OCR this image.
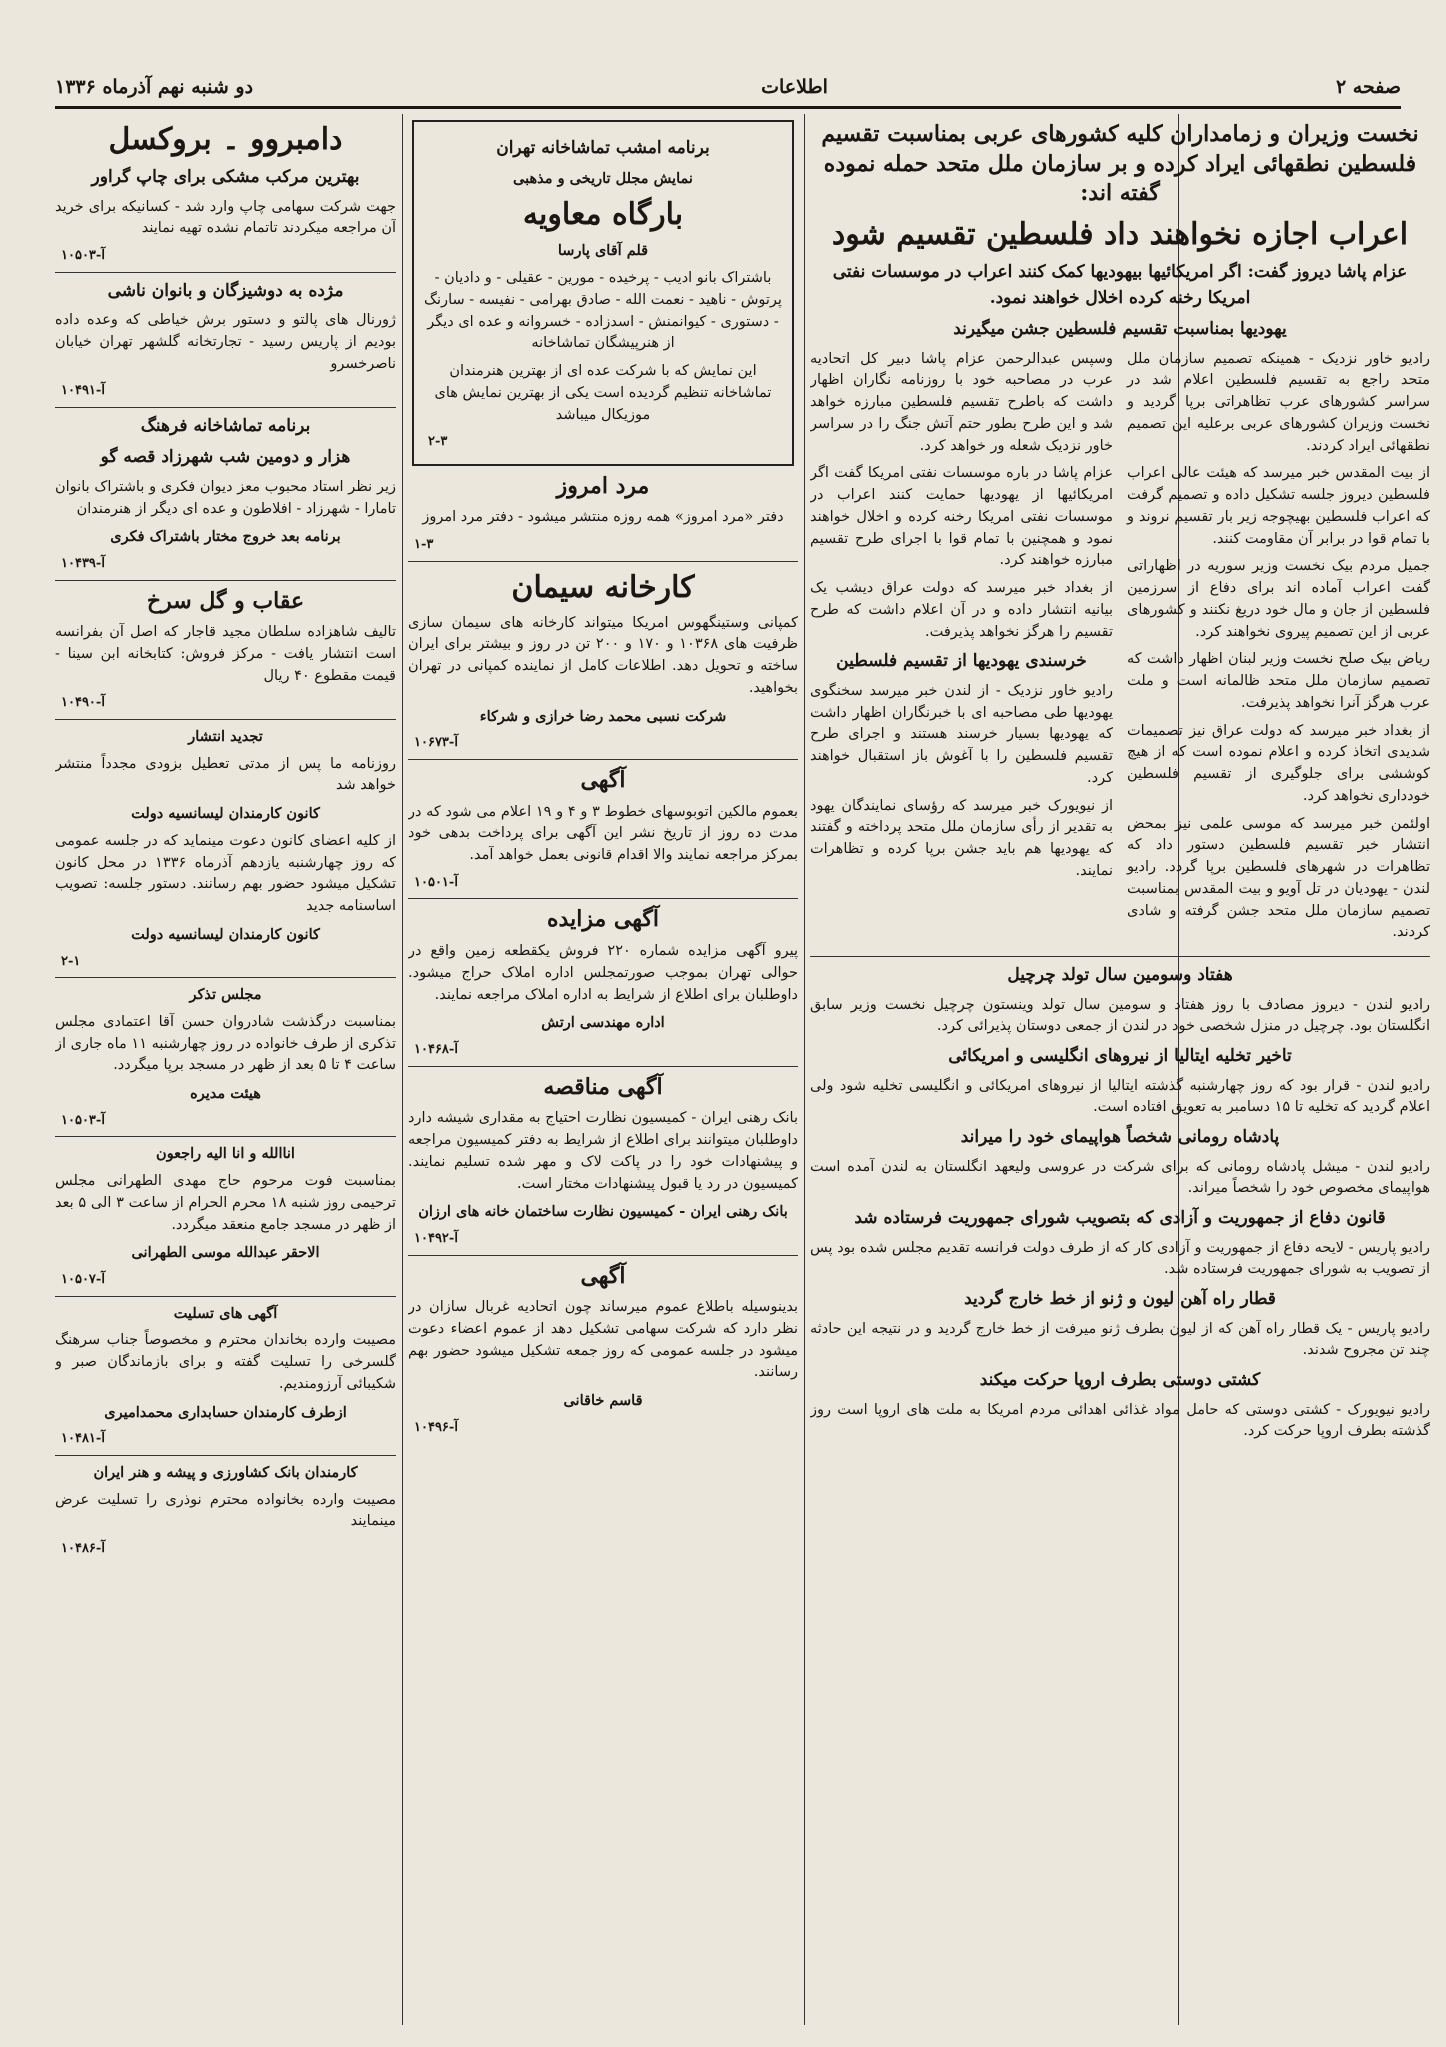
صفحه ۲
اطلاعات
دو شنبه نهم آذرماه ۱۳۳۶
نخست وزیران و زمامداران کلیه کشورهای عربی بمناسبت تقسیم فلسطین نطقهائی ایراد کرده و بر سازمان ملل متحد حمله نموده گفته اند:
اعراب اجازه نخواهند داد فلسطین تقسیم شود
عزام پاشا دیروز گفت: اگر امریکائیها بیهودیها کمک کنند اعراب در موسسات نفتی امریکا رخنه کرده اخلال خواهند نمود.
یهودیها بمناسبت تقسیم فلسطین جشن میگیرند

رادیو خاور نزدیک - همینکه تصمیم سازمان ملل متحد راجع به تقسیم فلسطین اعلام شد در سراسر کشورهای عرب تظاهراتی برپا گردید و نخست وزیران کشورهای عربی برعلیه این تصمیم نطقهائی ایراد کردند.

از بیت المقدس خبر میرسد که هیئت عالی اعراب فلسطین دیروز جلسه تشکیل داده و تصمیم گرفت که اعراب فلسطین بهیچوجه زیر بار تقسیم نروند و با تمام قوا در برابر آن مقاومت کنند.

جمیل مردم بیک نخست وزیر سوریه در اظهاراتی گفت اعراب آماده اند برای دفاع از سرزمین فلسطین از جان و مال خود دریغ نکنند و کشورهای عربی از این تصمیم پیروی نخواهند کرد.

ریاض بیک صلح نخست وزیر لبنان اظهار داشت که تصمیم سازمان ملل متحد ظالمانه است و ملت عرب هرگز آنرا نخواهد پذیرفت.

از بغداد خبر میرسد که دولت عراق نیز تصمیمات شدیدی اتخاذ کرده و اعلام نموده است که از هیچ کوششی برای جلوگیری از تقسیم فلسطین خودداری نخواهد کرد.

اولئمن خبر میرسد که موسی علمی نیز بمحض انتشار خبر تقسیم فلسطین دستور داد که تظاهرات در شهرهای فلسطین برپا گردد. رادیو لندن - یهودیان در تل آویو و بیت المقدس بمناسبت تصمیم سازمان ملل متحد جشن گرفته و شادی کردند.

وسپس عبدالرحمن عزام پاشا دبیر کل اتحادیه عرب در مصاحبه خود با روزنامه نگاران اظهار داشت که باطرح تقسیم فلسطین مبارزه خواهد شد و این طرح بطور حتم آتش جنگ را در سراسر خاور نزدیک شعله ور خواهد کرد.

عزام پاشا در باره موسسات نفتی امریکا گفت اگر امریکائیها از یهودیها حمایت کنند اعراب در موسسات نفتی امریکا رخنه کرده و اخلال خواهند نمود و همچنین با تمام قوا با اجرای طرح تقسیم مبارزه خواهند کرد.

از بغداد خبر میرسد که دولت عراق دیشب یک بیانیه انتشار داده و در آن اعلام داشت که طرح تقسیم را هرگز نخواهد پذیرفت.

خرسندی یهودیها از تقسیم فلسطین

رادیو خاور نزدیک - از لندن خبر میرسد سخنگوی یهودیها طی مصاحبه ای با خبرنگاران اظهار داشت که یهودیها بسیار خرسند هستند و اجرای طرح تقسیم فلسطین را با آغوش باز استقبال خواهند کرد.

از نیویورک خبر میرسد که رؤسای نمایندگان یهود به تقدیر از رأی سازمان ملل متحد پرداخته و گفتند که یهودیها هم باید جشن برپا کرده و تظاهرات نمایند.

هفتاد وسومین سال تولد چرچیل

رادیو لندن - دیروز مصادف با روز هفتاد و سومین سال تولد وینستون چرچیل نخست وزیر سابق انگلستان بود. چرچیل در منزل شخصی خود در لندن از جمعی دوستان پذیرائی کرد.

تاخیر تخلیه ایتالیا از نیروهای انگلیسی و امریکائی

رادیو لندن - قرار بود که روز چهارشنبه گذشته ایتالیا از نیروهای امریکائی و انگلیسی تخلیه شود ولی اعلام گردید که تخلیه تا ۱۵ دسامبر به تعویق افتاده است.

پادشاه رومانی شخصاً هواپیمای خود را میراند

رادیو لندن - میشل پادشاه رومانی که برای شرکت در عروسی ولیعهد انگلستان به لندن آمده است هواپیمای مخصوص خود را شخصاً میراند.

قانون دفاع از جمهوریت و آزادی که بتصویب شورای جمهوریت فرستاده شد

رادیو پاریس - لایحه دفاع از جمهوریت و آزادی کار که از طرف دولت فرانسه تقدیم مجلس شده بود پس از تصویب به شورای جمهوریت فرستاده شد.

قطار راه آهن لیون و ژنو از خط خارج گردید

رادیو پاریس - یک قطار راه آهن که از لیون بطرف ژنو میرفت از خط خارج گردید و در نتیجه این حادثه چند تن مجروح شدند.

کشتی دوستی بطرف اروپا حرکت میکند

رادیو نیویورک - کشتی دوستی که حامل مواد غذائی اهدائی مردم امریکا به ملت های اروپا است روز گذشته بطرف اروپا حرکت کرد.

برنامه امشب تماشاخانه تهران
نمایش مجلل تاریخی و مذهبی
بارگاه معاویه
قلم آقای پارسا

باشتراک بانو ادیب - پرخیده - مورین - عقیلی - و دادیان - پرتوش - ناهید - نعمت الله - صادق بهرامی - نفیسه - سارنگ - دستوری - کیوانمنش - اسدزاده - خسروانه و عده ای دیگر از هنرپیشگان تماشاخانه

این نمایش که با شرکت عده ای از بهترین هنرمندان تماشاخانه تنظیم گردیده است یکی از بهترین نمایش های موزیکال میباشد

۲-۳
مرد امروز

دفتر «مرد امروز» همه روزه منتشر میشود - دفتر مرد امروز

۱-۳
کارخانه سیمان

کمپانی وستینگهوس امریکا میتواند کارخانه های سیمان سازی ظرفیت های ۱۰۳۶۸ و ۱۷۰ و ۲۰۰ تن در روز و بیشتر برای ایران ساخته و تحویل دهد. اطلاعات کامل از نماینده کمپانی در تهران بخواهید.

شرکت نسبی محمد رضا خرازی و شرکاء
آ-۱۰۶۷۳
آگهی

بعموم مالکین اتوبوسهای خطوط ۳ و ۴ و ۱۹ اعلام می شود که در مدت ده روز از تاریخ نشر این آگهی برای پرداخت بدهی خود بمرکز مراجعه نمایند والا اقدام قانونی بعمل خواهد آمد.

آ-۱۰۵۰۱
آگهی مزایده

پیرو آگهی مزایده شماره ۲۲۰ فروش یکقطعه زمین واقع در حوالی تهران بموجب صورتمجلس اداره املاک حراج میشود. داوطلبان برای اطلاع از شرایط به اداره املاک مراجعه نمایند.

اداره مهندسی ارتش
آ-۱۰۴۶۸
آگهی مناقصه

بانک رهنی ایران - کمیسیون نظارت احتیاج به مقداری شیشه دارد داوطلبان میتوانند برای اطلاع از شرایط به دفتر کمیسیون مراجعه و پیشنهادات خود را در پاکت لاک و مهر شده تسلیم نمایند. کمیسیون در رد یا قبول پیشنهادات مختار است.

بانک رهنی ایران - کمیسیون نظارت ساختمان خانه های ارزان
آ-۱۰۴۹۲
آگهی

بدینوسیله باطلاع عموم میرساند چون اتحادیه غربال سازان در نظر دارد که شرکت سهامی تشکیل دهد از عموم اعضاء دعوت میشود در جلسه عمومی که روز جمعه تشکیل میشود حضور بهم رسانند.

قاسم خاقانی
آ-۱۰۴۹۶
دامبروو ۔ بروکسل
بهترین مرکب مشکی برای چاپ گراور

جهت شرکت سهامی چاپ وارد شد - کسانیکه برای خرید آن مراجعه میکردند تاتمام نشده تهیه نمایند

آ-۱۰۵۰۳
مژده به دوشیزگان و بانوان ناشی

ژورنال های پالتو و دستور برش خیاطی که وعده داده بودیم از پاریس رسید - تجارتخانه گلشهر تهران خیابان ناصرخسرو

آ-۱۰۴۹۱
برنامه تماشاخانه فرهنگ
هزار و دومین شب شهرزاد قصه گو

زیر نظر استاد محبوب معز دیوان فکری و باشتراک بانوان تامارا - شهرزاد - افلاطون و عده ای دیگر از هنرمندان

برنامه بعد خروج مختار باشتراک فکری
آ-۱۰۴۳۹
عقاب و گل سرخ

تالیف شاهزاده سلطان مجید قاجار که اصل آن بفرانسه است انتشار یافت - مرکز فروش: کتابخانه ابن سینا - قیمت مقطوع ۴۰ ریال

آ-۱۰۴۹۰
تجدید انتشار

روزنامه ما پس از مدتی تعطیل بزودی مجدداً منتشر خواهد شد

کانون کارمندان لیسانسیه دولت

از کلیه اعضای کانون دعوت مینماید که در جلسه عمومی که روز چهارشنبه یازدهم آذرماه ۱۳۳۶ در محل کانون تشکیل میشود حضور بهم رسانند. دستور جلسه: تصویب اساسنامه جدید

کانون کارمندان لیسانسیه دولت
۲-۱
مجلس تذکر

بمناسبت درگذشت شادروان حسن آقا اعتمادی مجلس تذکری از طرف خانواده در روز چهارشنبه ۱۱ ماه جاری از ساعت ۴ تا ۵ بعد از ظهر در مسجد برپا میگردد.

هیئت مدیره
آ-۱۰۵۰۳
اناالله و انا الیه راجعون

بمناسبت فوت مرحوم حاج مهدی الطهرانی مجلس ترحیمی روز شنبه ۱۸ محرم الحرام از ساعت ۳ الی ۵ بعد از ظهر در مسجد جامع منعقد میگردد.

الاحقر عبدالله موسی الطهرانی
آ-۱۰۵۰۷
آگهی های تسلیت

مصیبت وارده بخاندان محترم و مخصوصاً جناب سرهنگ گلسرخی را تسلیت گفته و برای بازماندگان صبر و شکیبائی آرزومندیم.

ازطرف کارمندان حسابداری محمدامیری
آ-۱۰۴۸۱
کارمندان بانک کشاورزی و پیشه و هنر ایران

مصیبت وارده بخانواده محترم نوذری را تسلیت عرض مینمایند

آ-۱۰۴۸۶
